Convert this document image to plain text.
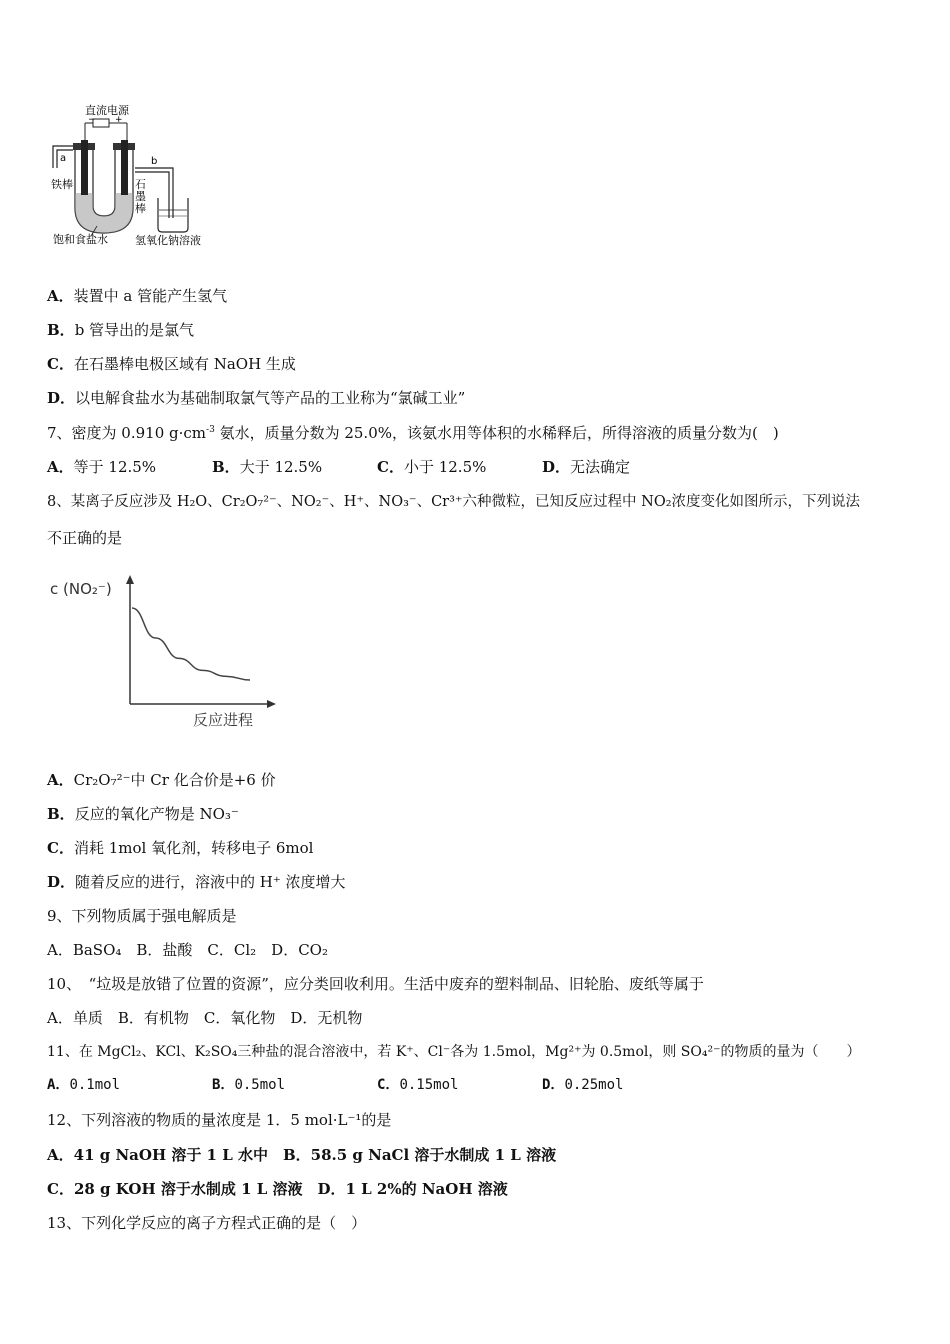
直流电源
− +
a	b
铁棒	石
墨
棒
饱和食盐水 氢氧化钠溶液
A．装置中 a 管能产生氢气
B．b 管导出的是氯气
C．在石墨棒电极区域有 NaOH 生成
D．以电解食盐水为基础制取氯气等产品的工业称为“氯碱工业”
7、密度为 0.910 $g\cdot cm^{-3}$ 氨水，质量分数为 25.0%，该氨水用等体积的水稀释后，所得溶液的质量分数为(　)
A．等于 12.5%	B．大于 12.5%	C．小于 12.5%	D．无法确定
8、某离子反应涉及 H₂O、Cr₂O₇²⁻、NO₂⁻、H⁺、NO₃⁻、Cr³⁺六种微粒，已知反应过程中 NO₂浓度变化如图所示，下列说法
不正确的是
c (NO₂⁻)
反应进程
A．Cr₂O₇²⁻中 Cr 化合价是+6 价
B．反应的氧化产物是 NO₃⁻
C．消耗 1mol 氧化剂，转移电子 6mol
D．随着反应的进行，溶液中的 H⁺ 浓度增大
9、下列物质属于强电解质是
A．BaSO₄　B．盐酸　C．Cl₂　D．CO₂
10、　“垃圾是放错了位置的资源”，应分类回收利用。生活中废弃的塑料制品、旧轮胎、废纸等属于
A．单质　B．有机物　C．氧化物　D．无机物
11、在 MgCl₂、KCl、K₂SO₄三种盐的混合溶液中，若 K⁺、Cl⁻各为 1.5mol，Mg²⁺为 0.5mol，则 SO₄²⁻的物质的量为（　　）
A．0.1mol	B．0.5mol	C．0.15mol	D．0.25mol
12、下列溶液的物质的量浓度是 1．5 mol·L⁻¹的是
A．41 g NaOH 溶于 1 L 水中　B．58.5 g NaCl 溶于水制成 1 L 溶液
C．28 g KOH 溶于水制成 1 L 溶液　D．1 L 2%的 NaOH 溶液
13、下列化学反应的离子方程式正确的是（　）
